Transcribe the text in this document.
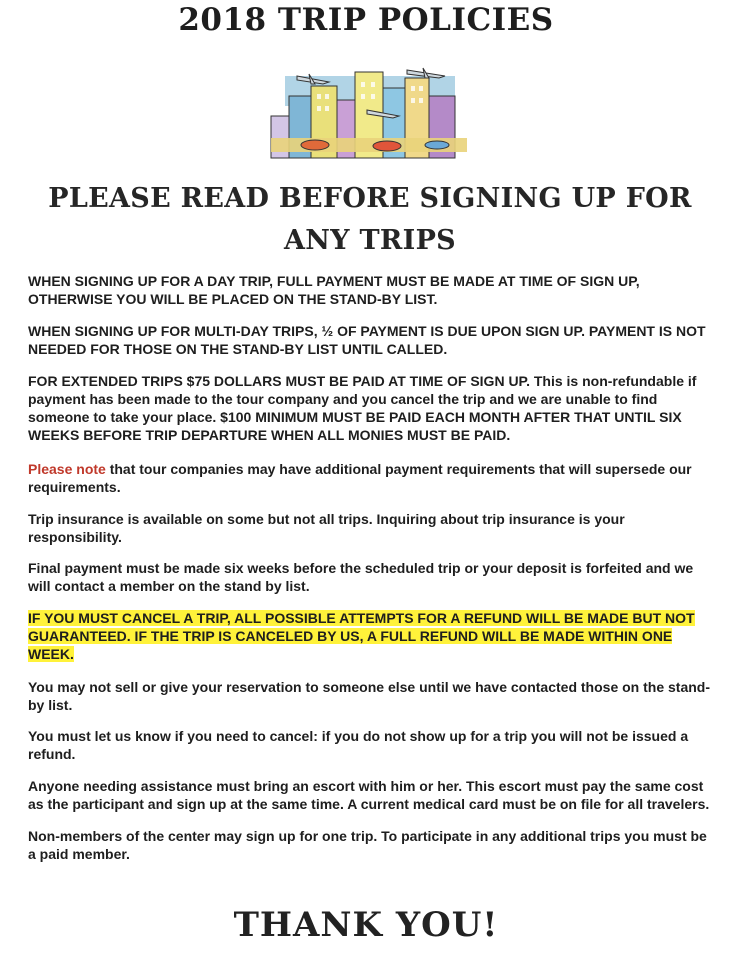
2018 TRIP POLICIES
PLEASE READ BEFORE SIGNING UP FOR ANY TRIPS
WHEN SIGNING UP FOR A DAY TRIP, FULL PAYMENT MUST BE MADE AT TIME OF SIGN UP, OTHERWISE YOU WILL BE PLACED ON THE STAND-BY LIST.
WHEN SIGNING UP FOR MULTI-DAY TRIPS, ½ OF PAYMENT IS DUE UPON SIGN UP. PAYMENT IS NOT NEEDED FOR THOSE ON THE STAND-BY LIST UNTIL CALLED.
FOR EXTENDED TRIPS $75 DOLLARS MUST BE PAID AT TIME OF SIGN UP. This is non-refundable if payment has been made to the tour company and you cancel the trip and we are unable to find someone to take your place. $100 MINIMUM MUST BE PAID EACH MONTH AFTER THAT UNTIL SIX WEEKS BEFORE TRIP DEPARTURE WHEN ALL MONIES MUST BE PAID.
Please note that tour companies may have additional payment requirements that will supersede our requirements.
Trip insurance is available on some but not all trips. Inquiring about trip insurance is your responsibility.
Final payment must be made six weeks before the scheduled trip or your deposit is forfeited and we will contact a member on the stand by list.
IF YOU MUST CANCEL A TRIP, ALL POSSIBLE ATTEMPTS FOR A REFUND WILL BE MADE BUT NOT GUARANTEED. IF THE TRIP IS CANCELED BY US, A FULL REFUND WILL BE MADE WITHIN ONE WEEK.
You may not sell or give your reservation to someone else until we have contacted those on the stand-by list.
You must let us know if you need to cancel: if you do not show up for a trip you will not be issued a refund.
Anyone needing assistance must bring an escort with him or her. This escort must pay the same cost as the participant and sign up at the same time. A current medical card must be on file for all travelers.
Non-members of the center may sign up for one trip. To participate in any additional trips you must be a paid member.
THANK YOU!
